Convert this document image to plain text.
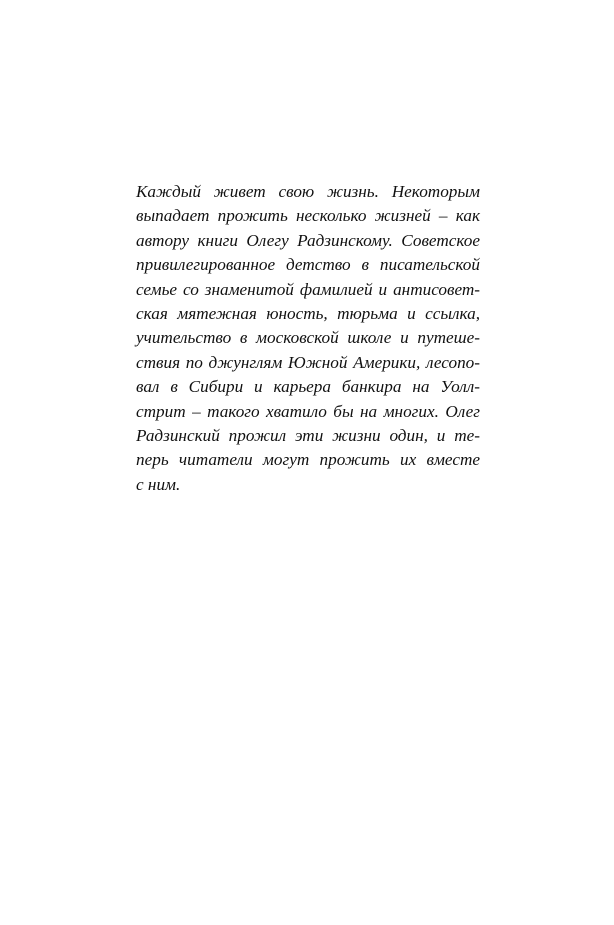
Каждый живет свою жизнь. Некоторым
выпадает прожить несколько жизней – как
автору книги Олегу Радзинскому. Советское
привилегированное детство в писательской
семье со знаменитой фамилией и антисовет-
ская мятежная юность, тюрьма и ссылка,
учительство в московской школе и путеше-
ствия по джунглям Южной Америки, лесопо-
вал в Сибири и карьера банкира на Уолл-
стрит – такого хватило бы на многих. Олег
Радзинский прожил эти жизни один, и те-
перь читатели могут прожить их вместе
с ним.
